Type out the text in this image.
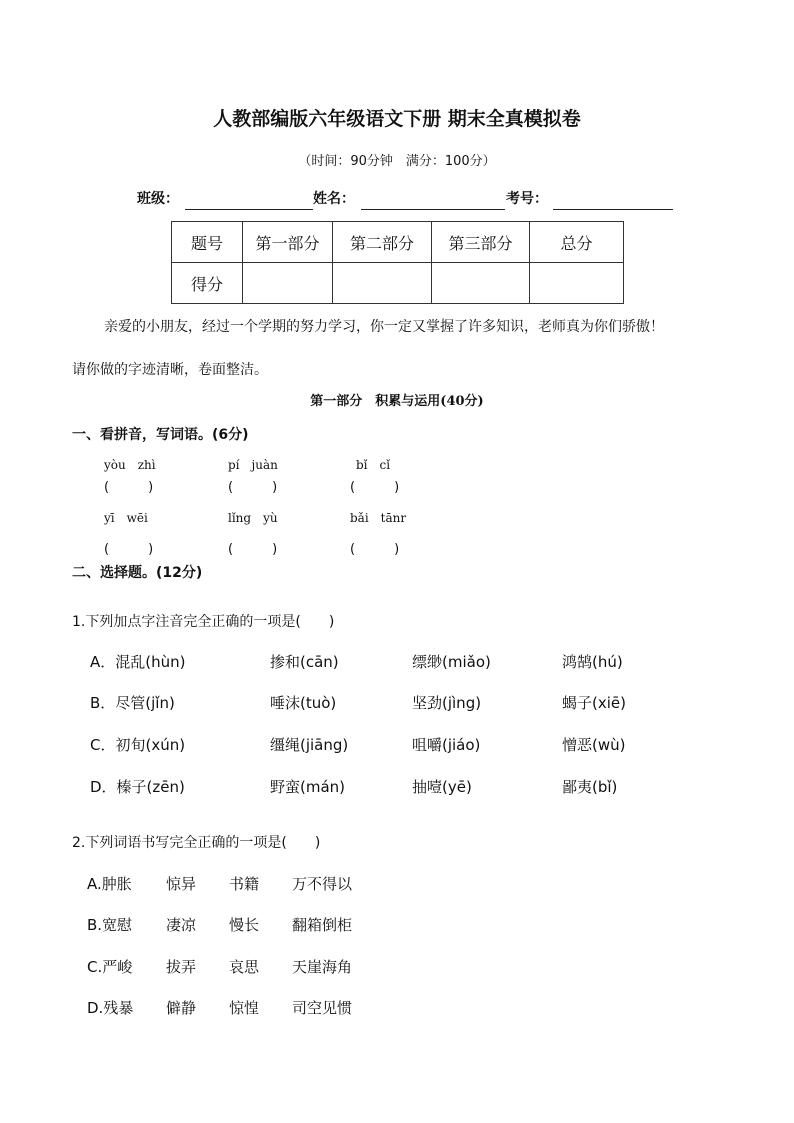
人教部编版六年级语文下册 期末全真模拟卷
（时间：90分钟　满分：100分）
班级：	姓名：	考号：
题号	第一部分	第二部分	第三部分	总分
得分				
亲爱的小朋友，经过一个学期的努力学习，你一定又掌握了许多知识，老师真为你们骄傲！
请你做的字迹清晰，卷面整洁。
第一部分　积累与运用(40分)
一、看拼音，写词语。(6分)
yòu　zhì	pí　juàn	bǐ　cǐ
(　　　)	(　　　)	(　　　)
yī　wēi	lǐng　yù	bǎi　tānr
(　　　)	(　　　)	(　　　)
二、选择题。(12分)
1.下列加点字注音完全正确的一项是(　　)
A．混乱(hùn)	掺和(cān)	缥缈(miǎo)	鸿鹄(hú)
B．尽管(jǐn)	唾沫(tuò)	坚劲(jìng)	蝎子(xiē)
C．初旬(xún)	缰绳(jiāng)	咀嚼(jiáo)	憎恶(wù)
D．榛子(zēn)	野蛮(mán)	抽噎(yē)	鄙夷(bǐ)
2.下列词语书写完全正确的一项是(　　)
A.肿胀 惊异 书籍 万不得以
B.宽慰 凄凉 慢长 翻箱倒柜
C.严峻 拔弄 哀思 天崖海角
D.残暴 僻静 惊惶 司空见惯
